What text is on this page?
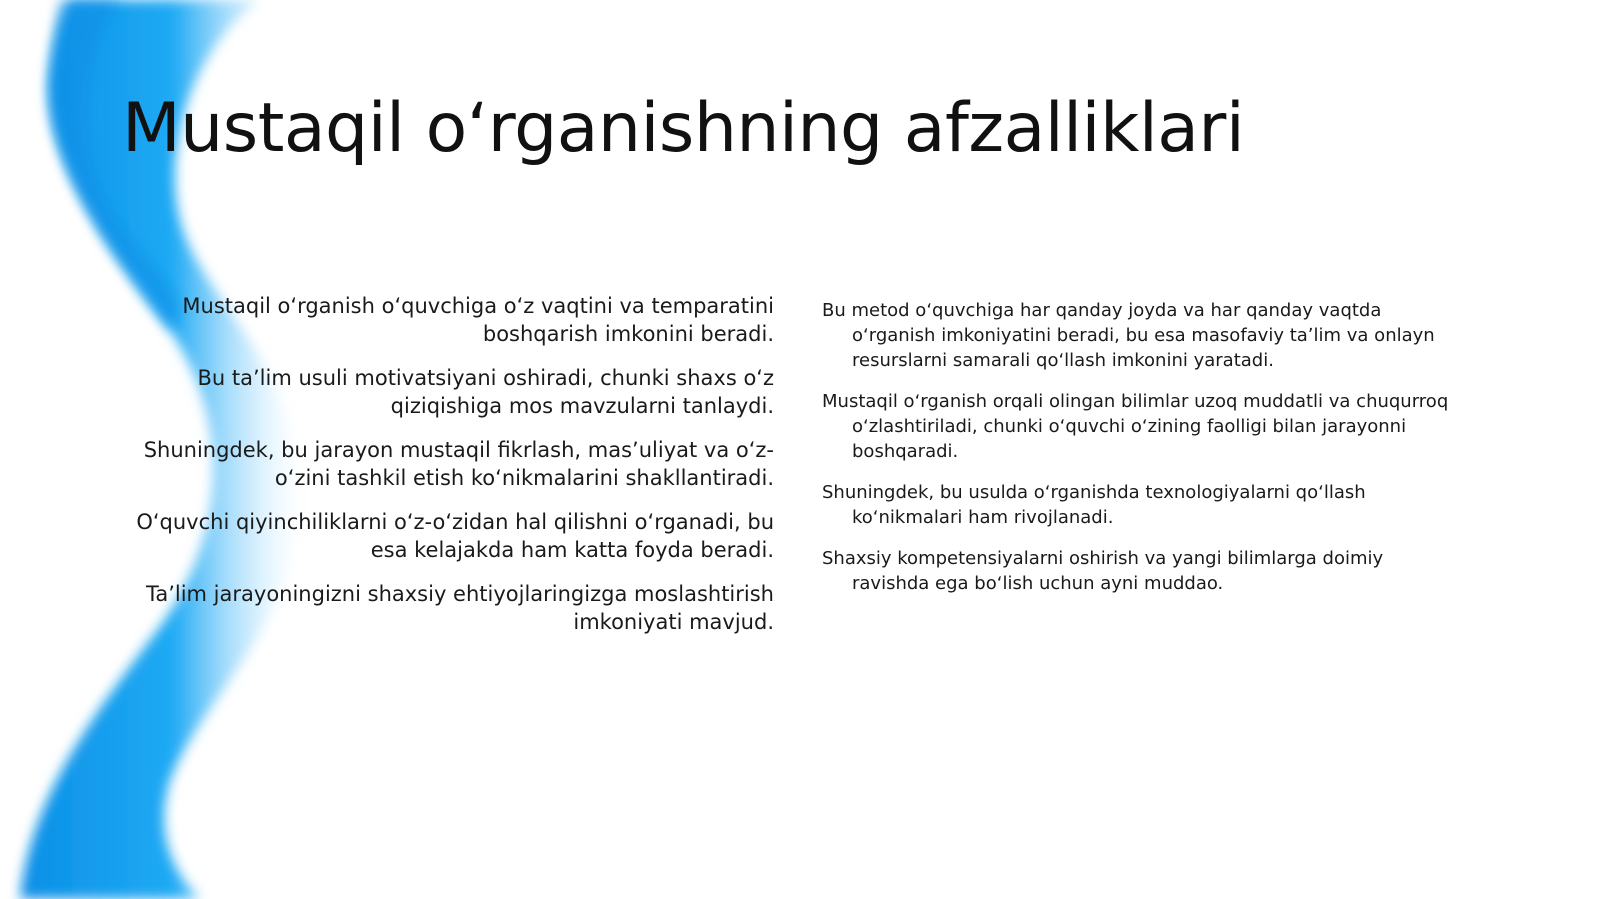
Mustaqil oʻrganishning afzalliklari

Mustaqil oʻrganish oʻquvchiga oʻz vaqtini va temparatini boshqarish imkonini beradi.

Bu taʼlim usuli motivatsiyani oshiradi, chunki shaxs oʻz qiziqishiga mos mavzularni tanlaydi.

Shuningdek, bu jarayon mustaqil fikrlash, masʼuliyat va oʻz-oʻzini tashkil etish koʻnikmalarini shakllantiradi.

Oʻquvchi qiyinchiliklarni oʻz-oʻzidan hal qilishni oʻrganadi, bu esa kelajakda ham katta foyda beradi.

Taʼlim jarayoningizni shaxsiy ehtiyojlaringizga moslashtirish imkoniyati mavjud.

Bu metod oʻquvchiga har qanday joyda va har qanday vaqtda oʻrganish imkoniyatini beradi, bu esa masofaviy taʼlim va onlayn resurslarni samarali qoʻllash imkonini yaratadi.

Mustaqil oʻrganish orqali olingan bilimlar uzoq muddatli va chuqurroq oʻzlashtiriladi, chunki oʻquvchi oʻzining faolligi bilan jarayonni boshqaradi.

Shuningdek, bu usulda oʻrganishda texnologiyalarni qoʻllash koʻnikmalari ham rivojlanadi.

Shaxsiy kompetensiyalarni oshirish va yangi bilimlarga doimiy ravishda ega boʻlish uchun ayni muddao.
